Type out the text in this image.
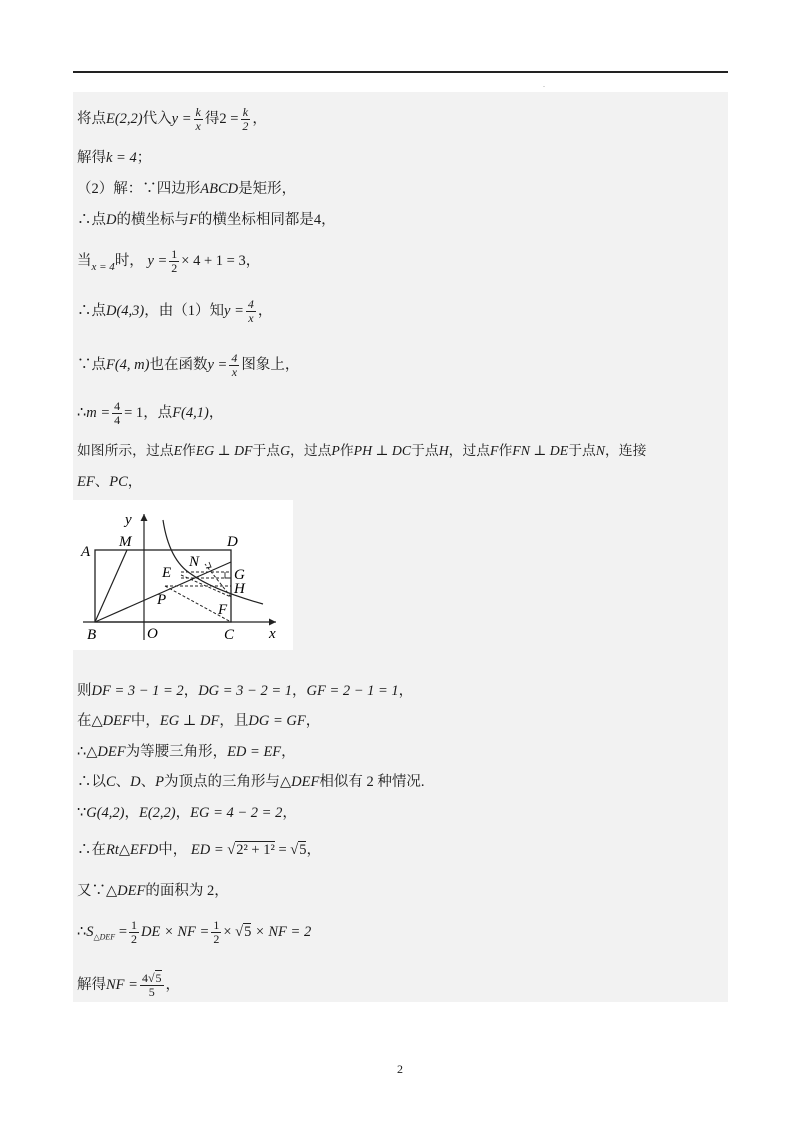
.
将点E(2,2)代入$y = \frac{k}{x}$ 得$2 = \frac{k}{2}$ ，
解得k = 4；
（2）解：∵四边形ABCD是矩形，
∴点D的横坐标与F的横坐标相同都是4，
当$_{x = 4}$时， $y = \frac{1}{2} \times 4 + 1 = 3$，
∴点D(4,3)，由（1）知$y = \frac{4}{x}$ ，
∵点F(4, m)也在函数$y = \frac{4}{x}$ 图象上，
∴m = $\frac{4}{4} = 1$，点F(4,1)，
如图所示，过点E作EG ⊥ DF于点G，过点P作PH ⊥ DC于点H，过点F作FN ⊥ DE于点N，连接
EF、PC，
y
x
A
M	D
N
E	G
H
P
F
B	O	C
则DF = 3 − 1 = 2，DG = 3 − 2 = 1，GF = 2 − 1 = 1，
在△DEF中，EG ⊥ DF，且DG = GF，
∴△DEF为等腰三角形，ED = EF，
∴以C、D、P为顶点的三角形与△DEF相似有 2 种情况.
∵G(4,2)，E(2,2)，EG = 4 − 2 = 2，
∴在Rt△EFD中， ED = √2² + 1² = √5，
又∵△DEF的面积为 2，
$\therefore S_{\triangle DEF} = \frac{1}{2}$ DE × NF = $\frac{1}{2} \times √5$ × NF = 2
解得NF = $\frac{4√5}{5}$ ，
2
